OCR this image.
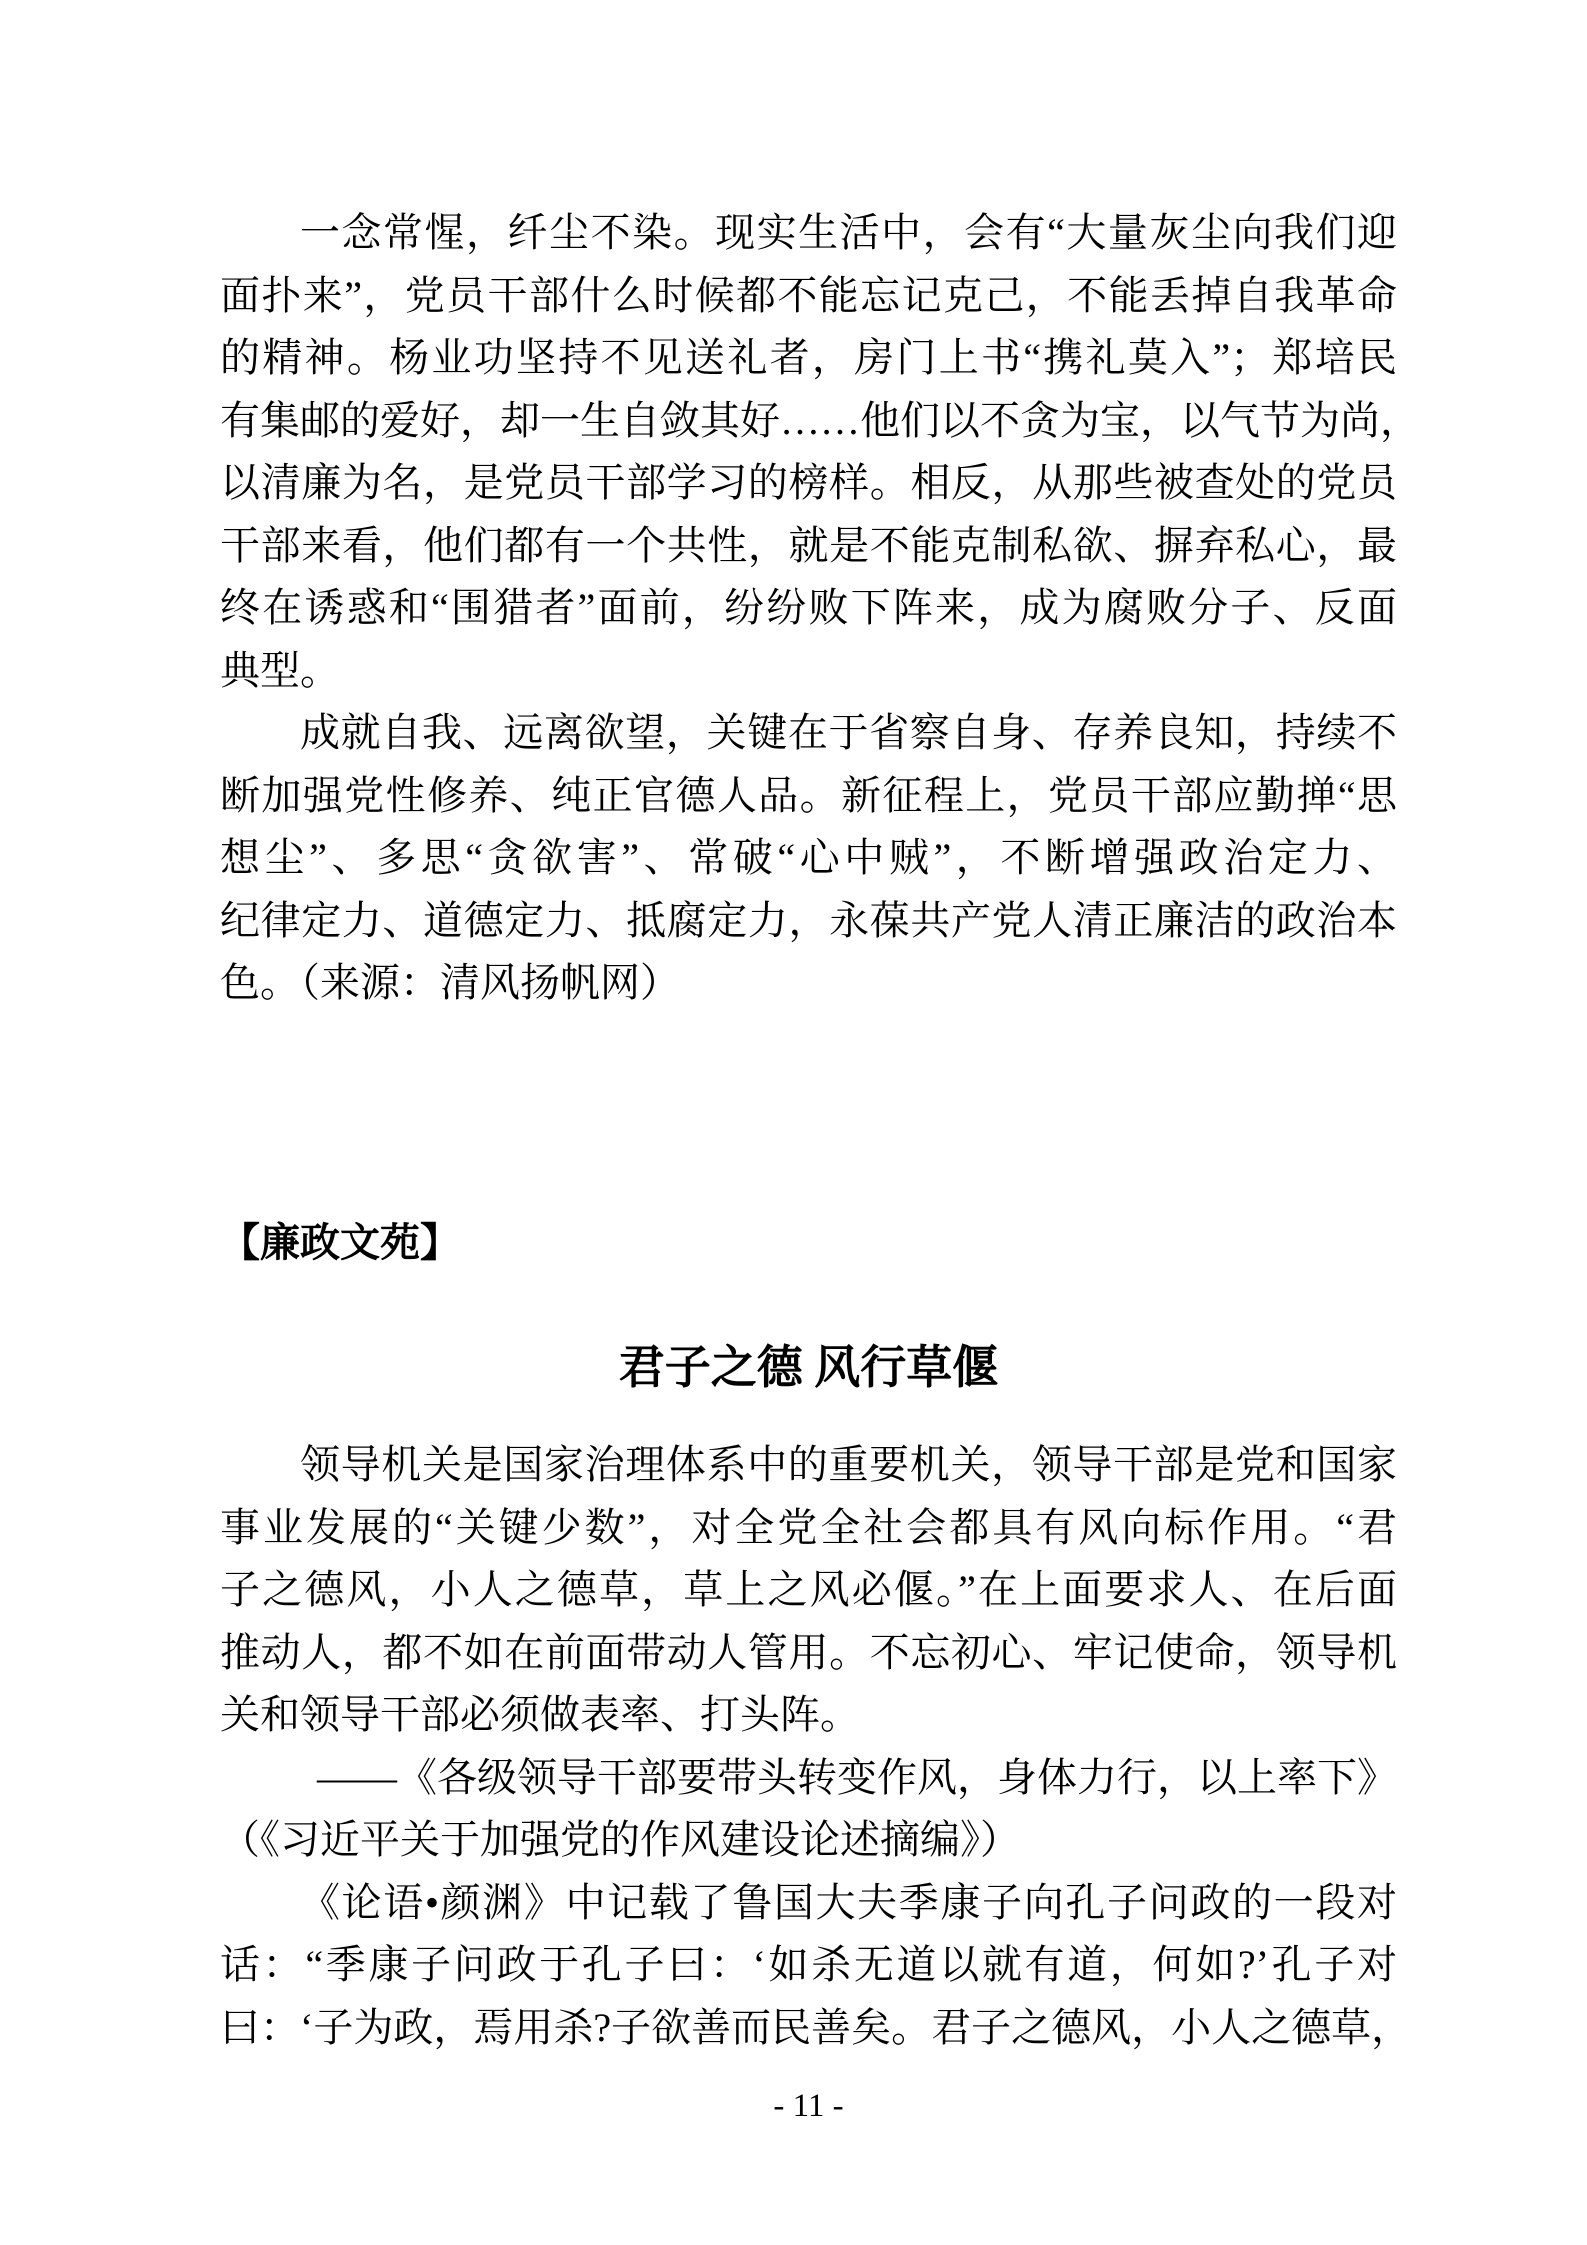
一念常惺，纤尘不染。现实生活中，会有“大量灰尘向我们迎
面扑来”，党员干部什么时候都不能忘记克己，不能丢掉自我革命
的精神。杨业功坚持不见送礼者，房门上书“携礼莫入”；郑培民
有集邮的爱好，却一生自敛其好……他们以不贪为宝，以气节为尚，
以清廉为名，是党员干部学习的榜样。相反，从那些被查处的党员
干部来看，他们都有一个共性，就是不能克制私欲、摒弃私心，最
终在诱惑和“围猎者”面前，纷纷败下阵来，成为腐败分子、反面
典型。
成就自我、远离欲望，关键在于省察自身、存养良知，持续不
断加强党性修养、纯正官德人品。新征程上，党员干部应勤掸“思
想尘”、多思“贪欲害”、常破“心中贼”，不断增强政治定力、
纪律定力、道德定力、抵腐定力，永葆共产党人清正廉洁的政治本
色。（来源：清风扬帆网）
【廉政文苑】
君子之德 风行草偃
领导机关是国家治理体系中的重要机关，领导干部是党和国家
事业发展的“关键少数”，对全党全社会都具有风向标作用。“君
子之德风，小人之德草，草上之风必偃。”在上面要求人、在后面
推动人，都不如在前面带动人管用。不忘初心、牢记使命，领导机
关和领导干部必须做表率、打头阵。
——《各级领导干部要带头转变作风，身体力行，以上率下》
（《习近平关于加强党的作风建设论述摘编》）
《论语•颜渊》中记载了鲁国大夫季康子向孔子问政的一段对
话：“季康子问政于孔子曰：‘如杀无道以就有道，何如?’孔子对
曰：‘子为政，焉用杀?子欲善而民善矣。君子之德风，小人之德草，
- 11 -
